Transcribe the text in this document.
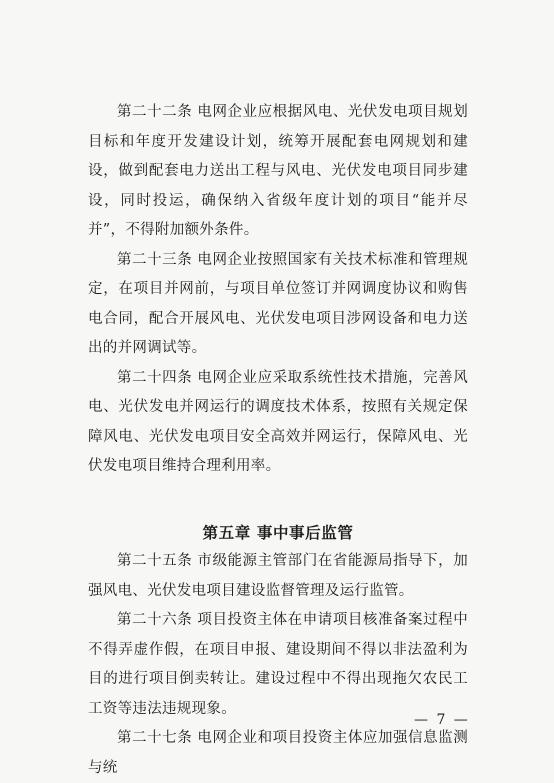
第二十二条 电网企业应根据风电、光伏发电项目规划目标和年度开发建设计划，统筹开展配套电网规划和建设，做到配套电力送出工程与风电、光伏发电项目同步建设，同时投运，确保纳入省级年度计划的项目“能并尽并”，不得附加额外条件。

第二十三条 电网企业按照国家有关技术标准和管理规定，在项目并网前，与项目单位签订并网调度协议和购售电合同，配合开展风电、光伏发电项目涉网设备和电力送出的并网调试等。

第二十四条 电网企业应采取系统性技术措施，完善风电、光伏发电并网运行的调度技术体系，按照有关规定保障风电、光伏发电项目安全高效并网运行，保障风电、光伏发电项目维持合理利用率。

第五章 事中事后监管

第二十五条 市级能源主管部门在省能源局指导下，加强风电、光伏发电项目建设监督管理及运行监管。

第二十六条 项目投资主体在申请项目核准备案过程中不得弄虚作假，在项目申报、建设期间不得以非法盈利为目的进行项目倒卖转让。建设过程中不得出现拖欠农民工工资等违法违规现象。

第二十七条 电网企业和项目投资主体应加强信息监测与统

— 7 —
